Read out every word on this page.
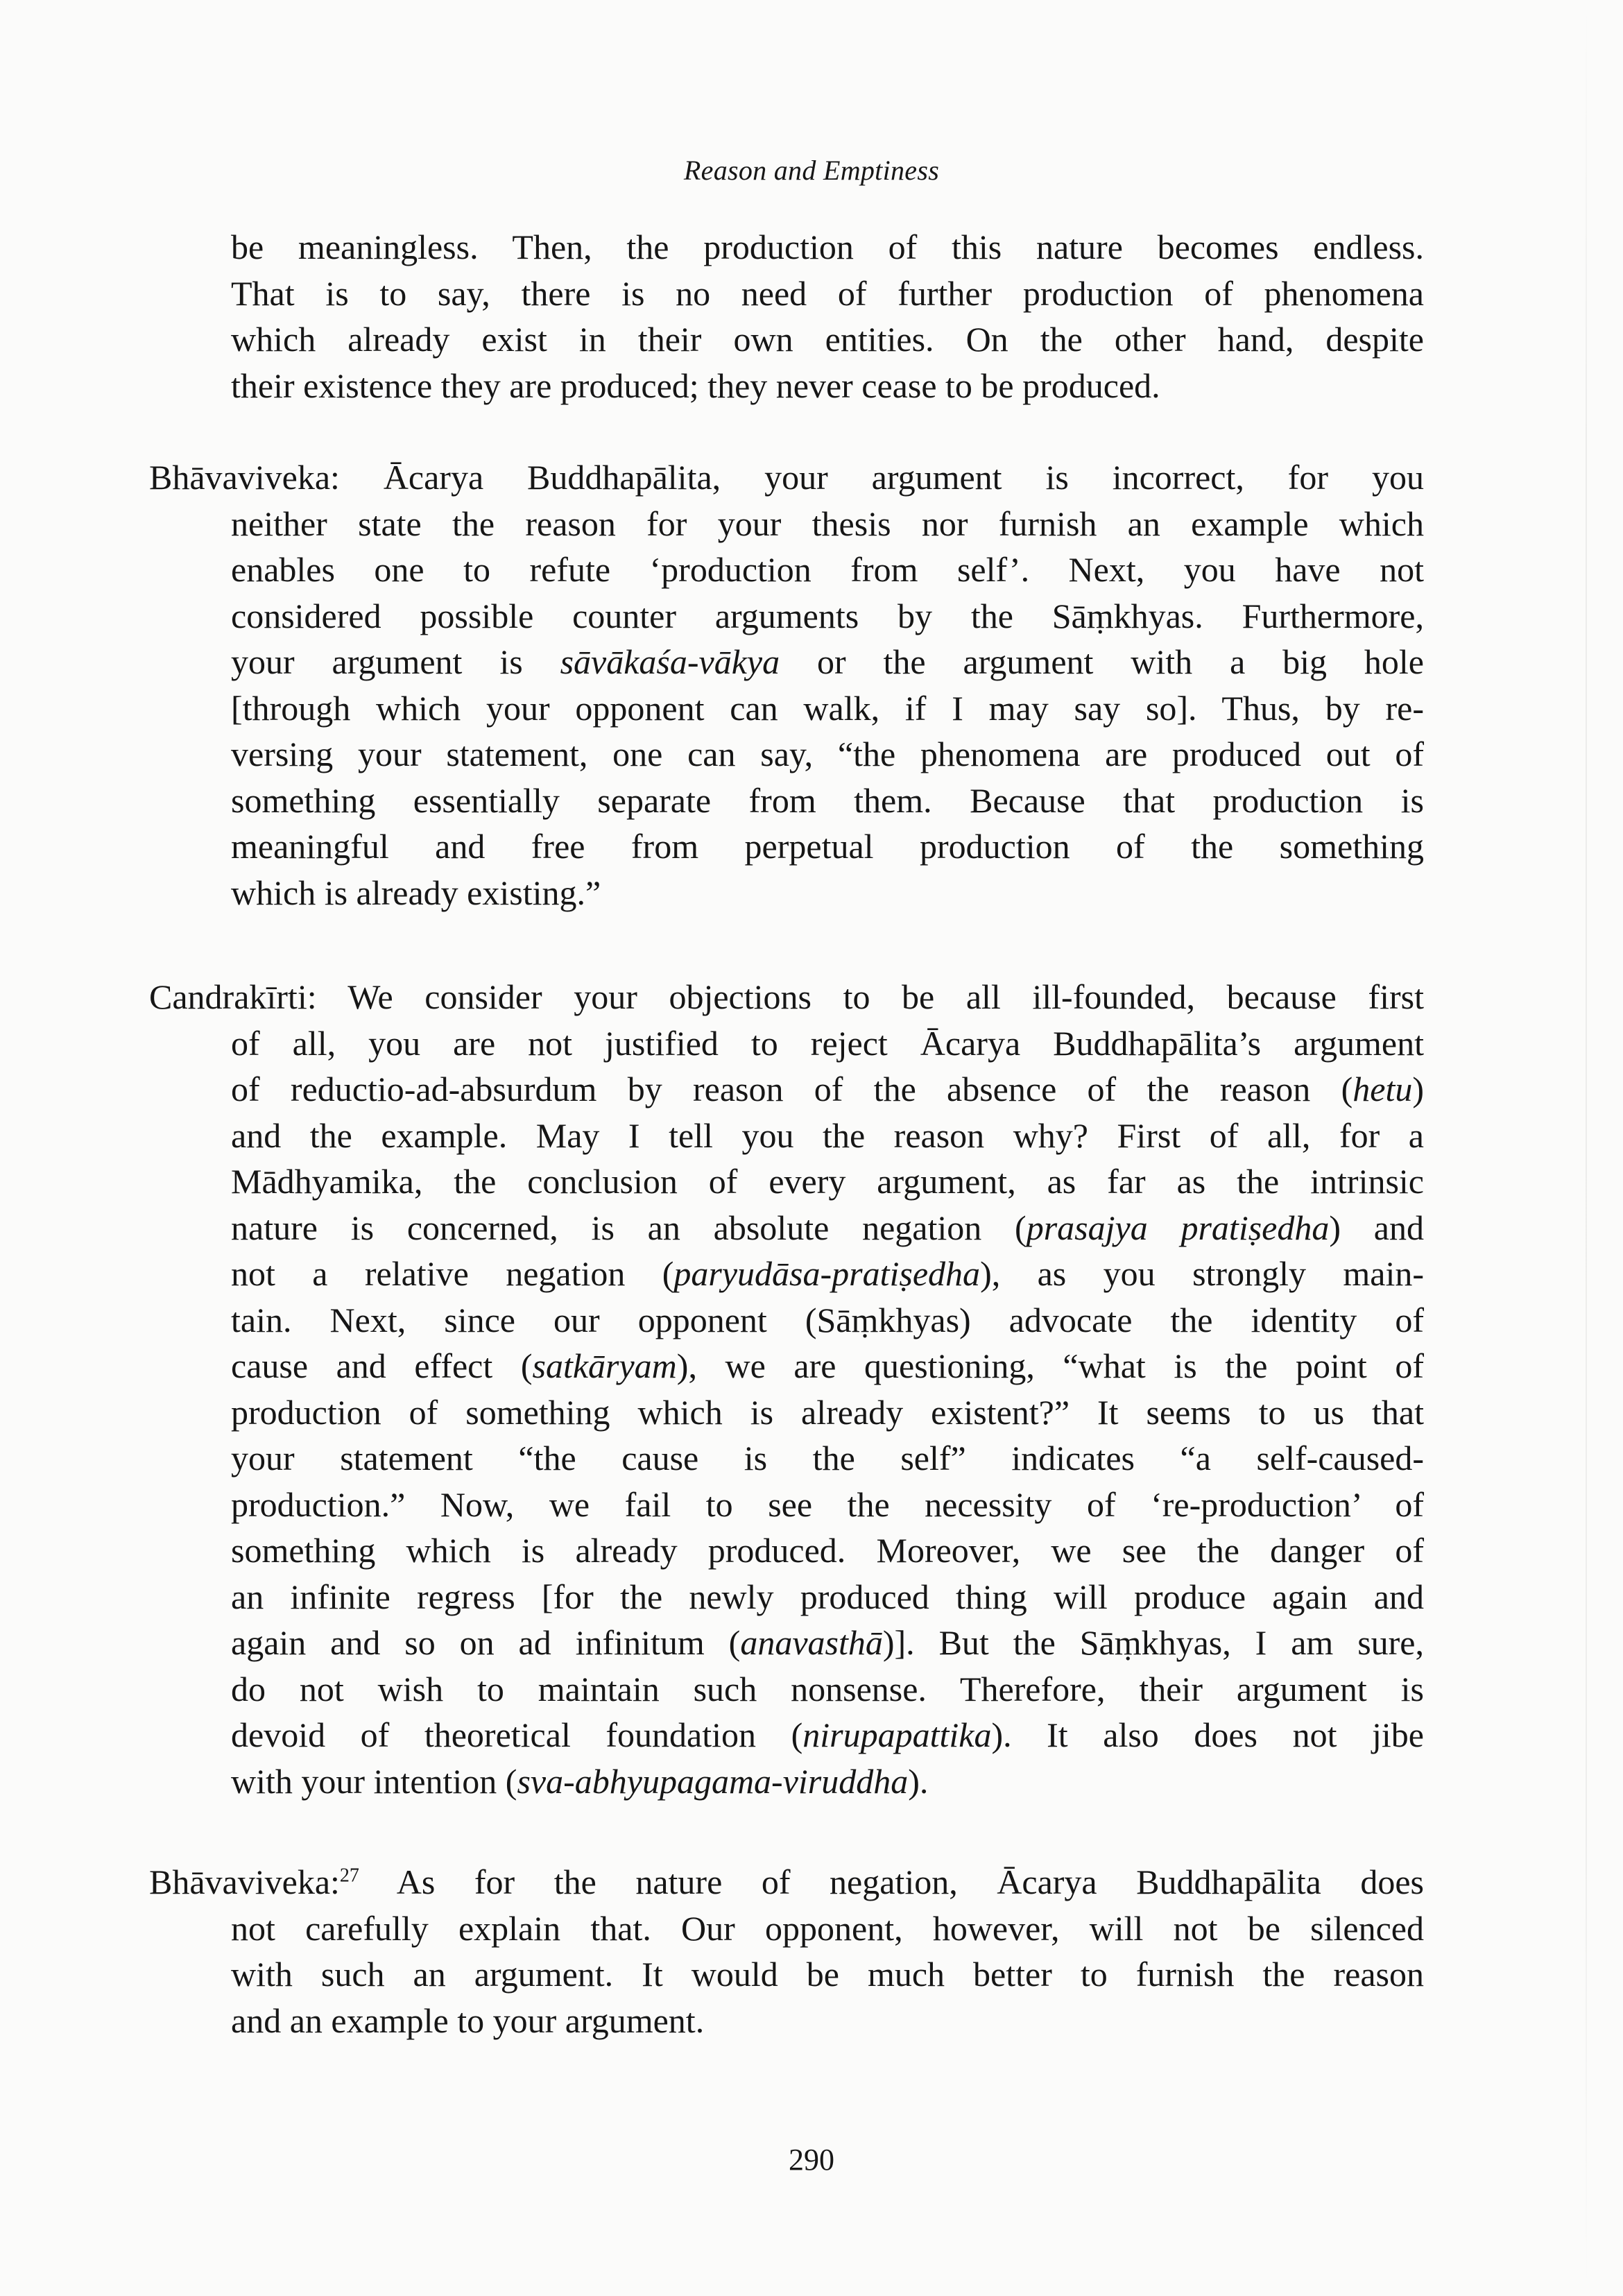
Reason and Emptiness
be meaningless. Then, the production of this nature becomes endless.
That is to say, there is no need of further production of phenomena
which already exist in their own entities. On the other hand, despite
their existence they are produced; they never cease to be produced.
Bhāvaviveka: Ācarya Buddhapālita, your argument is incorrect, for you
neither state the reason for your thesis nor furnish an example which
enables one to refute ‘production from self’. Next, you have not
considered possible counter arguments by the Sāṃkhyas. Furthermore,
your argument is sāvākaśa-vākya or the argument with a big hole
[through which your opponent can walk, if I may say so]. Thus, by re-
versing your statement, one can say, “the phenomena are produced out of
something essentially separate from them. Because that production is
meaningful and free from perpetual production of the something
which is already existing.”
Candrakīrti: We consider your objections to be all ill-founded, because first
of all, you are not justified to reject Ācarya Buddhapālita’s argument
of reductio-ad-absurdum by reason of the absence of the reason (hetu)
and the example. May I tell you the reason why? First of all, for a
Mādhyamika, the conclusion of every argument, as far as the intrinsic
nature is concerned, is an absolute negation (prasajya pratiṣedha) and
not a relative negation (paryudāsa-pratiṣedha), as you strongly main-
tain. Next, since our opponent (Sāṃkhyas) advocate the identity of
cause and effect (satkāryam), we are questioning, “what is the point of
production of something which is already existent?” It seems to us that
your statement “the cause is the self” indicates “a self-caused-
production.” Now, we fail to see the necessity of ‘re-production’ of
something which is already produced. Moreover, we see the danger of
an infinite regress [for the newly produced thing will produce again and
again and so on ad infinitum (anavasthā)]. But the Sāṃkhyas, I am sure,
do not wish to maintain such nonsense. Therefore, their argument is
devoid of theoretical foundation (nirupapattika). It also does not jibe
with your intention (sva-abhyupagama-viruddha).
Bhāvaviveka:$^{27}$ As for the nature of negation, Ācarya Buddhapālita does
not carefully explain that. Our opponent, however, will not be silenced
with such an argument. It would be much better to furnish the reason
and an example to your argument.
290
